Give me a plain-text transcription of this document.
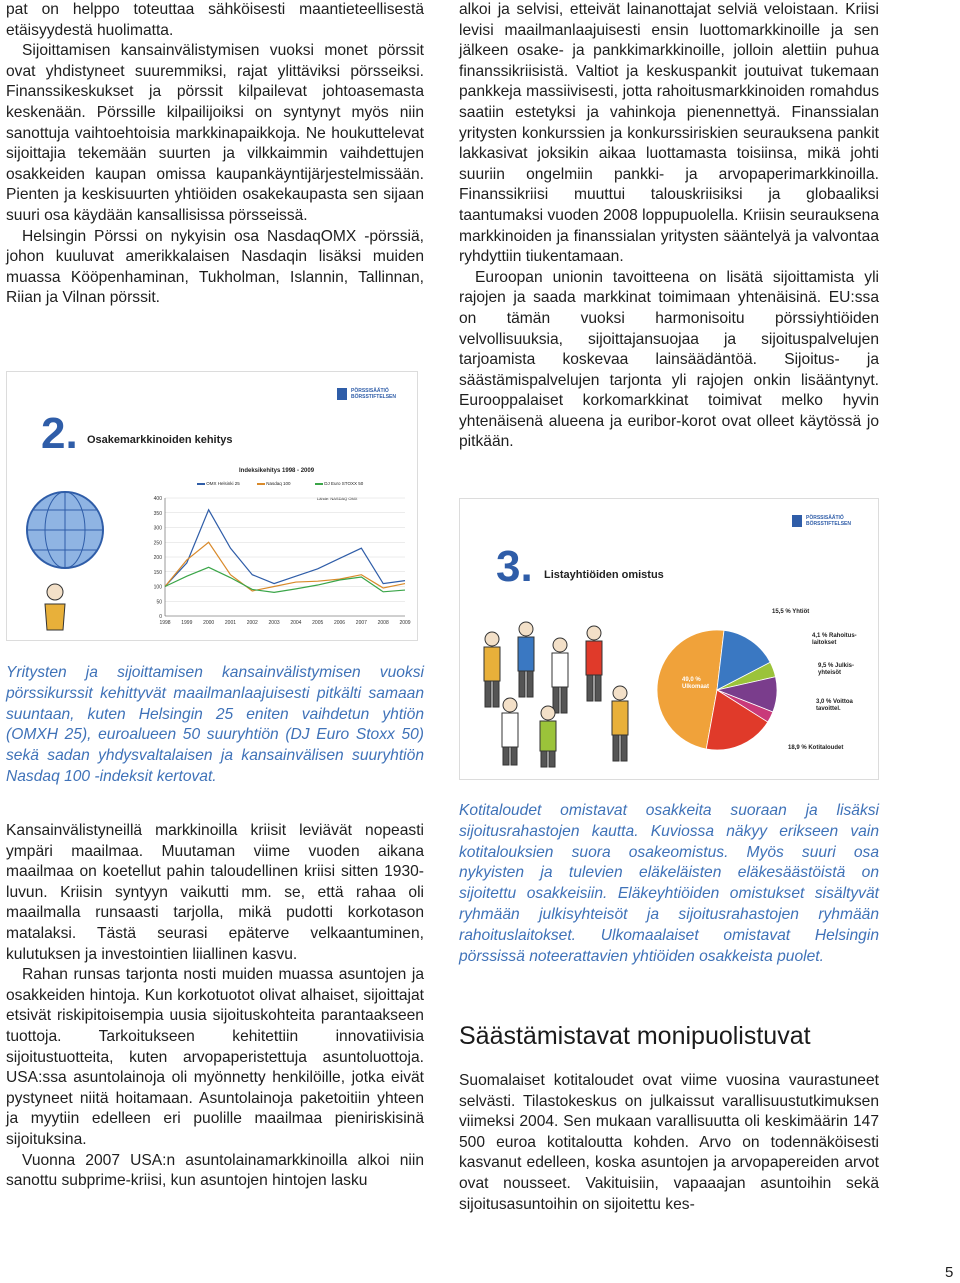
pat on helppo toteuttaa sähköisesti maantieteellisestä etäisyydestä huolimatta.

Sijoittamisen kansainvälistymisen vuoksi monet pörssit ovat yhdistyneet suuremmiksi, rajat ylittäviksi pörsseiksi. Finanssikeskukset ja pörssit kilpailevat johtoasemasta keskenään. Pörssille kilpailijoiksi on syntynyt myös niin sanottuja vaihtoehtoisia markkinapaikkoja. Ne houkuttelevat sijoittajia tekemään suurten ja vilkkaimmin vaihdettujen osakkeiden kaupan omissa kaupankäyntijärjestelmissään. Pienten ja keskisuurten yhtiöiden osakekaupasta sen sijaan suuri osa käydään kansallisissa pörsseissä.

Helsingin Pörssi on nykyisin osa NasdaqOMX -pörssiä, johon kuuluvat amerikkalaisen Nasdaqin lisäksi muiden muassa Kööpenhaminan, Tukholman, Islannin, Tallinnan, Riian ja Vilnan pörssit.

PÖRSSISÄÄTIÖ BÖRSSTIFTELSEN
2. Osakemarkkinoiden kehitys
Indeksikehitys 1998 - 2009
OMX Helsinki 25	Nasdaq 100	DJ Euro STOXX 50
Lähde: NASDAQ OMX
0
50
100
150
200
250
300
350
400
1998 1999 2000 2001 2002 2003 2004 2005 2006 2007 2008 2009
Yritysten ja sijoittamisen kansainvälistymisen vuoksi pörssikurssit kehittyvät maailmanlaajuisesti pitkälti samaan suuntaan, kuten Helsingin 25 eniten vaihdetun yhtiön (OMXH 25), euroalueen 50 suuryhtiön (DJ Euro Stoxx 50) sekä sadan yhdysvaltalaisen ja kansainvälisen suuryhtiön Nasdaq 100 -indeksit kertovat.

Kansainvälistyneillä markkinoilla kriisit leviävät nopeasti ympäri maailmaa. Muutaman viime vuoden aikana maailmaa on koetellut pahin taloudellinen kriisi sitten 1930-luvun. Kriisin syntyyn vaikutti mm. se, että rahaa oli maailmalla runsaasti tarjolla, mikä pudotti korkotason matalaksi. Tästä seurasi epäterve velkaantuminen, kulutuksen ja investointien liiallinen kasvu.

Rahan runsas tarjonta nosti muiden muassa asuntojen ja osakkeiden hintoja. Kun korkotuotot olivat alhaiset, sijoittajat etsivät riskipitoisempia uusia sijoituskohteita parantaakseen tuottoja. Tarkoitukseen kehitettiin innovatiivisia sijoitustuotteita, kuten arvopaperistettuja asuntoluottoja. USA:ssa asuntolainoja oli myönnetty henkilöille, jotka eivät pystyneet niitä hoitamaan. Asuntolainoja paketoitiin yhteen ja myytiin edelleen eri puolille maailmaa pieniriskisinä sijoituksina.

Vuonna 2007 USA:n asuntolainamarkkinoilla alkoi niin sanottu subprime-kriisi, kun asuntojen hintojen lasku

alkoi ja selvisi, etteivät lainanottajat selviä veloistaan. Kriisi levisi maailmanlaajuisesti ensin luottomarkkinoille ja sen jälkeen osake- ja pankkimarkkinoille, jolloin alettiin puhua finanssikriisistä. Valtiot ja keskuspankit joutuivat tukemaan pankkeja massiivisesti, jotta rahoitusmarkkinoiden romahdus saatiin estetyksi ja vahinkoja pienennettyä. Finanssialan yritysten konkurssien ja konkurssiriskien seurauksena pankit lakkasivat joksikin aikaa luottamasta toisiinsa, mikä johti suuriin ongelmiin pankki- ja arvopaperimarkkinoilla. Finanssikriisi muuttui talouskriisiksi ja globaaliksi taantumaksi vuoden 2008 loppupuolella. Kriisin seurauksena markkinoiden ja finanssialan yritysten sääntelyä ja valvontaa ryhdyttiin tiukentamaan.

Euroopan unionin tavoitteena on lisätä sijoittamista yli rajojen ja saada markkinat toimimaan yhtenäisinä. EU:ssa on tämän vuoksi harmonisoitu pörssiyhtiöiden velvollisuuksia, sijoittajansuojaa ja sijoituspalvelujen tarjoamista koskevaa lainsäädäntöä. Sijoitus- ja säästämispalvelujen tarjonta yli rajojen onkin lisääntynyt. Eurooppalaiset korkomarkkinat toimivat melko hyvin yhtenäisenä alueena ja euribor-korot ovat olleet käytössä jo pitkään.

PÖRSSISÄÄTIÖ BÖRSSTIFTELSEN
3. Listayhtiöiden omistus
15,5 % Yhtiöt
4,1 % Rahoitus-laitokset
9,5 % Julkis-yhteisöt
3,0 % Voittoa tavoittel.
18,9 % Kotitaloudet
49,0 % Ulkomaat
Kotitaloudet omistavat osakkeita suoraan ja lisäksi sijoitusrahastojen kautta. Kuviossa näkyy erikseen vain kotitalouksien suora osakeomistus. Myös suuri osa nykyisten ja tulevien eläkeläisten eläkesäästöistä on sijoitettu osakkeisiin. Eläkeyhtiöiden omistukset sisältyvät ryhmään julkisyhteisöt ja sijoitusrahastojen ryhmään rahoituslaitokset. Ulkomaalaiset omistavat Helsingin pörssissä noteerattavien yhtiöiden osakkeista puolet.
Säästämistavat monipuolistuvat

Suomalaiset kotitaloudet ovat viime vuosina vaurastuneet selvästi. Tilastokeskus on julkaissut varallisuustutkimuksen viimeksi 2004. Sen mukaan varallisuutta oli keskimäärin 147 500 euroa kotitaloutta kohden. Arvo on todennäköisesti kasvanut edelleen, koska asuntojen ja arvopapereiden arvot ovat nousseet. Vakituisiin, vapaaajan asuntoihin sekä sijoitusasuntoihin on sijoitettu kes-

5
